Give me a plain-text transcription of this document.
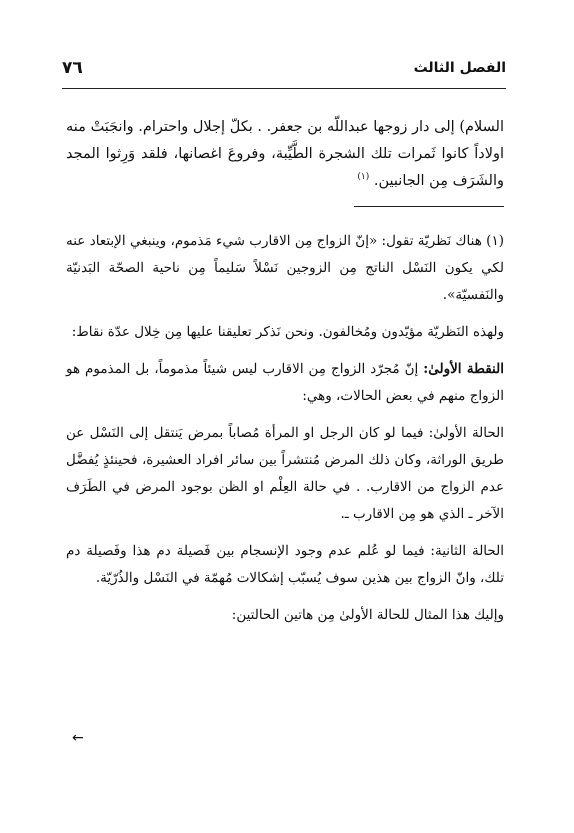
الفصل الثالث
٧٦

السلام) إلى دار زوجها عبداللّه بن جعفر. . بكلّ إجلال واحترام. وانجَبَتْ منه اولاداً كانوا ثَمرات تلك الشجرة الطَّيِّبة، وفروعَ اغصانها، فلقد وَرِثوا المجد والشَرَف مِن الجانبين. $^{(١)}$

(١) هناك نَظريّة تقول: «إنّ الزواج مِن الاقارب شيء مَذموم، وينبغي الإبتعاد عنه لكي يكون النَسْل الناتج مِن الزوجين نَسْلاً سَليماً مِن ناحية الصحّة البَدنيّة والنَفسيّة».

ولهذه النَظريّة مؤيّدون ومُخالفون. ونحن نَذكر تعليقنا عليها مِن خِلال عدّة نقاط:

النقطة الأولىٰ: إنّ مُجرّد الزواج مِن الاقارب ليس شيئاً مذموماً، بل المذموم هو الزواج منهم في بعض الحالات، وهي:

الحالة الأولىٰ: فيما لو كان الرجل او المرأة مُصاباً بمرض يَنتقل إلى النَسْل عن طريق الوراثة، وكان ذلك المرض مُنتشراً بين سائر افراد العشيرة، فحينئذٍ يُفضَّل عدم الزواج من الاقارب. . في حالة العِلْم او الظن بوجود المرض في الطَرَف الآخر ـ الذي هو مِن الاقارب ـ.

الحالة الثانية: فيما لو عُلم عدم وجود الإنسجام بين فَصيلة دم هذا وفَصيلة دم تلك، وانّ الزواج بين هذين سوف يُسبّب إشكالات مُهمّة في النَسْل والذُرّيّة.

وإليك هذا المثال للحالة الأولىٰ مِن هاتين الحالتين:

←
